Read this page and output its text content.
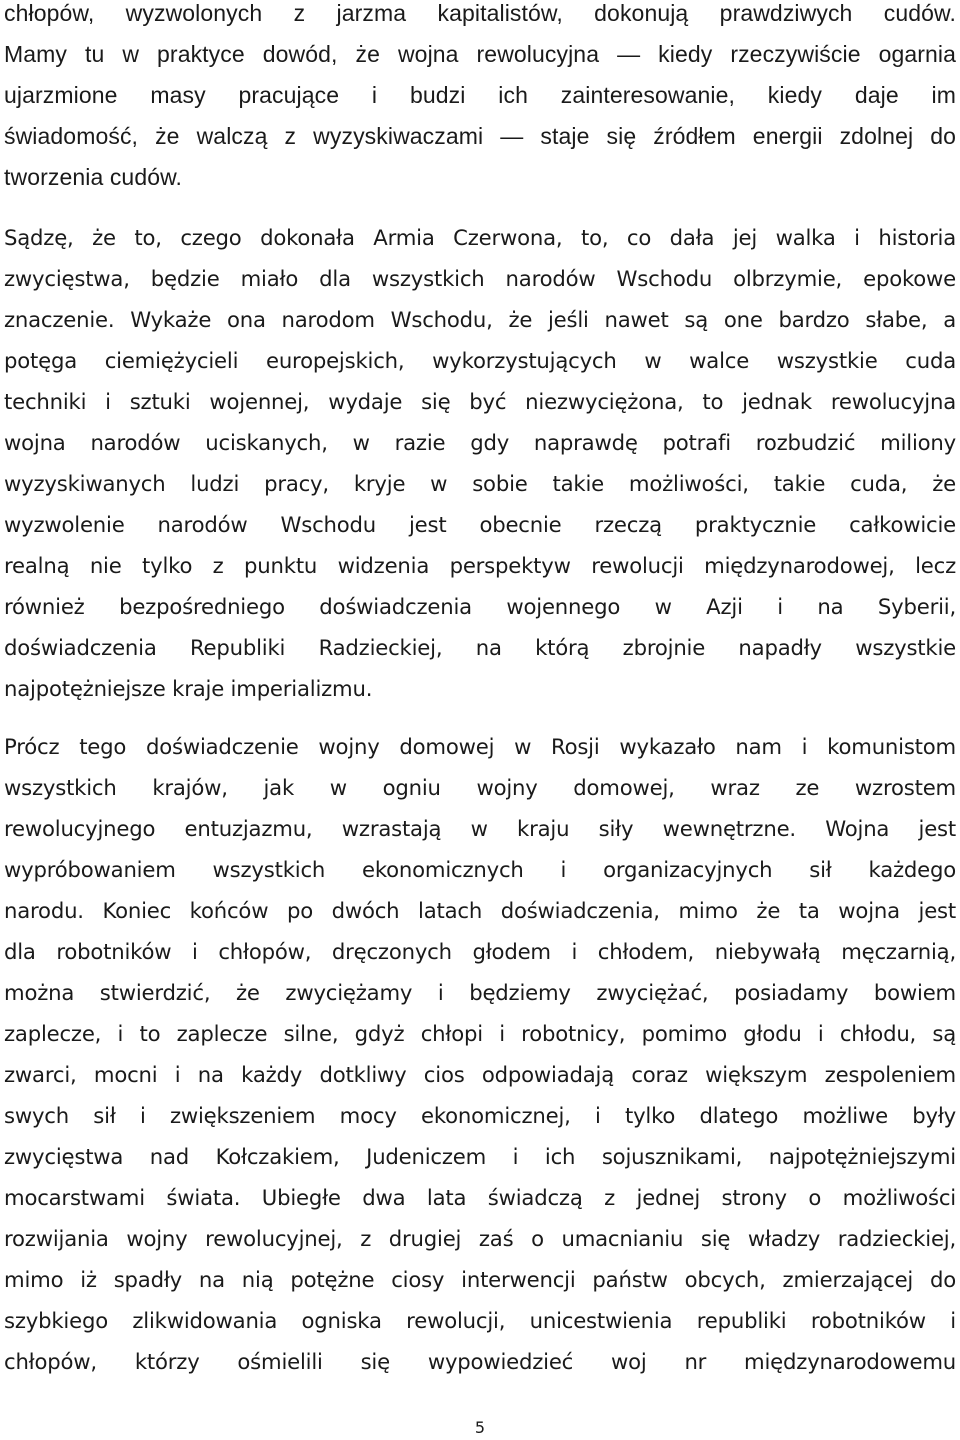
chłopów, wyzwolonych z jarzma kapitalistów, dokonują prawdziwych cudów.
Mamy tu w praktyce dowód, że wojna rewolucyjna — kiedy rzeczywiście ogarnia
ujarzmione masy pracujące i budzi ich zainteresowanie, kiedy daje im
świadomość, że walczą z wyzyskiwaczami — staje się źródłem energii zdolnej do
tworzenia cudów.
Sądzę, że to, czego dokonała Armia Czerwona, to, co dała jej walka i historia
zwycięstwa, będzie miało dla wszystkich narodów Wschodu olbrzymie, epokowe
znaczenie. Wykaże ona narodom Wschodu, że jeśli nawet są one bardzo słabe, a
potęga ciemiężycieli europejskich, wykorzystujących w walce wszystkie cuda
techniki i sztuki wojennej, wydaje się być niezwyciężona, to jednak rewolucyjna
wojna narodów uciskanych, w razie gdy naprawdę potrafi rozbudzić miliony
wyzyskiwanych ludzi pracy, kryje w sobie takie możliwości, takie cuda, że
wyzwolenie narodów Wschodu jest obecnie rzeczą praktycznie całkowicie
realną nie tylko z punktu widzenia perspektyw rewolucji międzynarodowej, lecz
również bezpośredniego doświadczenia wojennego w Azji i na Syberii,
doświadczenia Republiki Radzieckiej, na którą zbrojnie napadły wszystkie
najpotężniejsze kraje imperializmu.
Prócz tego doświadczenie wojny domowej w Rosji wykazało nam i komunistom
wszystkich krajów, jak w ogniu wojny domowej, wraz ze wzrostem
rewolucyjnego entuzjazmu, wzrastają w kraju siły wewnętrzne. Wojna jest
wypróbowaniem wszystkich ekonomicznych i organizacyjnych sił każdego
narodu. Koniec końców po dwóch latach doświadczenia, mimo że ta wojna jest
dla robotników i chłopów, dręczonych głodem i chłodem, niebywałą męczarnią,
można stwierdzić, że zwyciężamy i będziemy zwyciężać, posiadamy bowiem
zaplecze, i to zaplecze silne, gdyż chłopi i robotnicy, pomimo głodu i chłodu, są
zwarci, mocni i na każdy dotkliwy cios odpowiadają coraz większym zespoleniem
swych sił i zwiększeniem mocy ekonomicznej, i tylko dlatego możliwe były
zwycięstwa nad Kołczakiem, Judeniczem i ich sojusznikami, najpotężniejszymi
mocarstwami świata. Ubiegłe dwa lata świadczą z jednej strony o możliwości
rozwijania wojny rewolucyjnej, z drugiej zaś o umacnianiu się władzy radzieckiej,
mimo iż spadły na nią potężne ciosy interwencji państw obcych, zmierzającej do
szybkiego zlikwidowania ogniska rewolucji, unicestwienia republiki robotników i
chłopów, którzy ośmielili się wypowiedzieć woj nr międzynarodowemu
5
